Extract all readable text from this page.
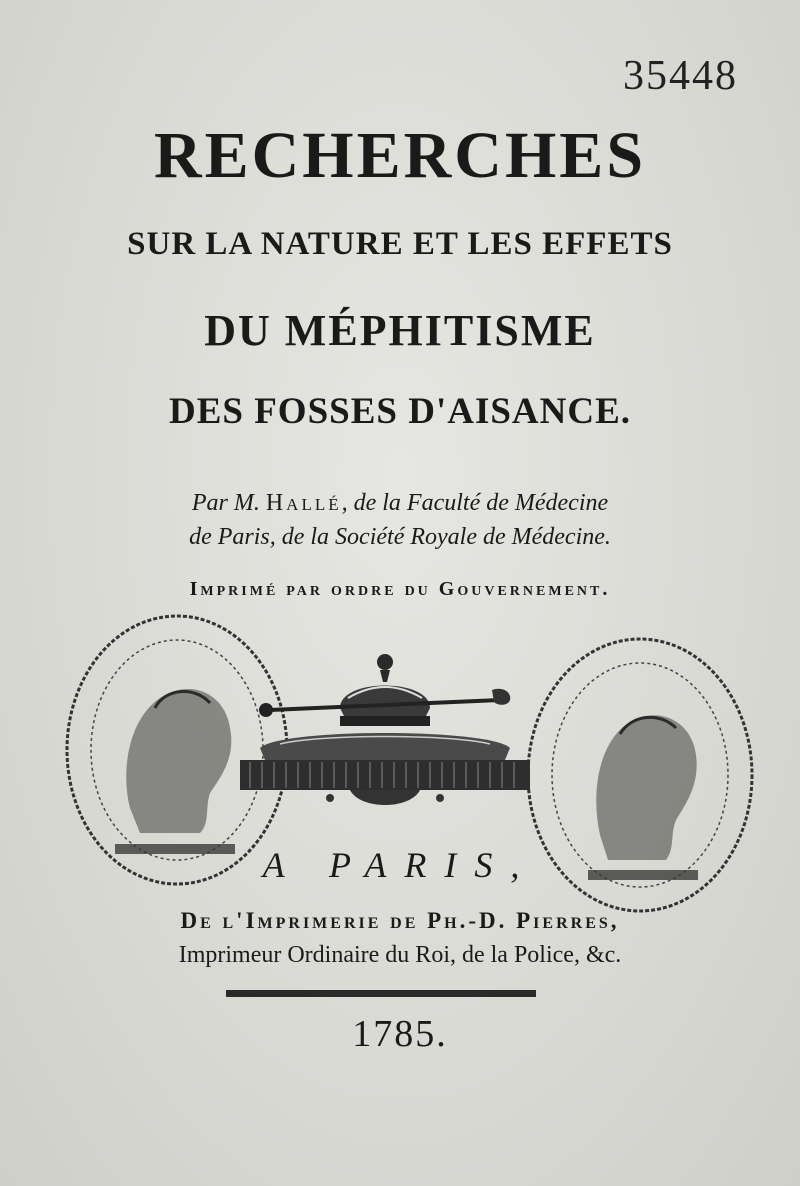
35448
RECHERCHES
SUR LA NATURE ET LES EFFETS
DU MÉPHITISME
DES FOSSES D'AISANCE.
Par M. Hallé, de la Faculté de Médecine
de Paris, de la Société Royale de Médecine.
Imprimé par ordre du Gouvernement.
A PARIS,
De l'Imprimerie de Ph.-D. Pierres,
Imprimeur Ordinaire du Roi, de la Police, &c.
1785.
